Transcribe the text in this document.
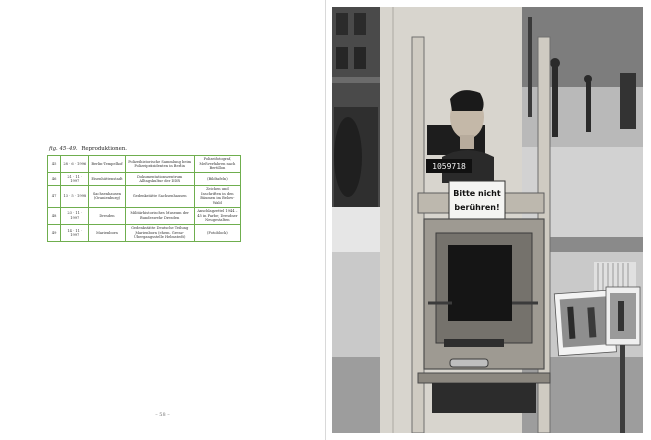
fig. 45–49. Reproduktionen.
45	28 · 6 · 1996	Berlin-Tempelhof	Polizeihistorische Sammlung beim Polizeipräsidenten in Berlin	Polizeifotograf, Meßverfahren nach Bertillon
46	21 · 11 · 1997	Eisenhüttenstadt	Dokumentationszentrum Alltagskultur der DDR	(Bildtafeln)
47	13 · 5 · 1998	Sachsenhausen (Oranienburg)	Gedenkstätte Sachsenhausen	Zeichen und Inschriften in den Bäumen im Below-Wald
48	23 · 11 · 1997	Dresden	Militärhistorisches Museum der Bundeswehr Dresden	Anschlagzettel 1944 – 45 in Farbe; Dresdner Neugestalten
49	14 · 11 · 1997	Marienborn	Gedenkstätte Deutsche Teilung Marienborn (ehem. Grenz-Übergangsstelle Helmstedt)	(Fotoblock)
– 58 –
1059718
Bitte nicht
berühren!
